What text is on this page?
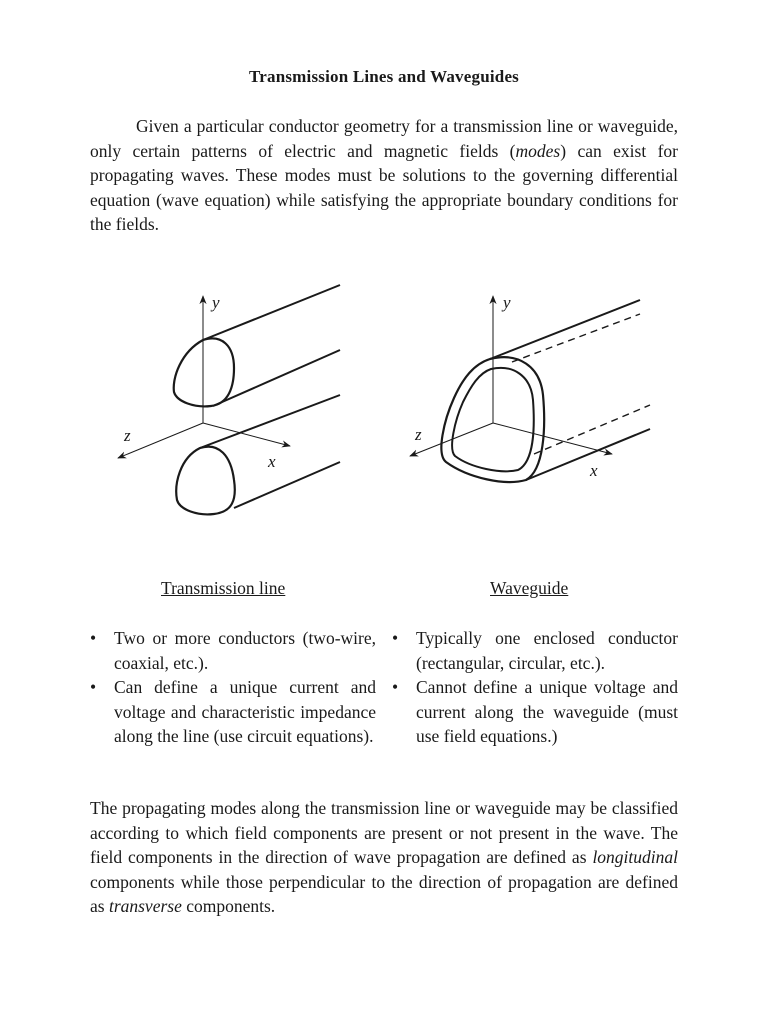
Transmission Lines and Waveguides

Given a particular conductor geometry for a transmission line or waveguide, only certain patterns of electric and magnetic fields (modes) can exist for propagating waves. These modes must be solutions to the governing differential equation (wave equation) while satisfying the appropriate boundary conditions for the fields.

y
x
z
y
x
z
Transmission line	Waveguide
• Two or more conductors (two-wire, coaxial, etc.).
• Can define a unique current and voltage and characteristic impedance along the line (use circuit equations).
• Typically one enclosed conductor (rectangular, circular, etc.).
• Cannot define a unique voltage and current along the waveguide (must use field equations.)

The propagating modes along the transmission line or waveguide may be classified according to which field components are present or not present in the wave. The field components in the direction of wave propagation are defined as longitudinal components while those perpendicular to the direction of propagation are defined as transverse components.
